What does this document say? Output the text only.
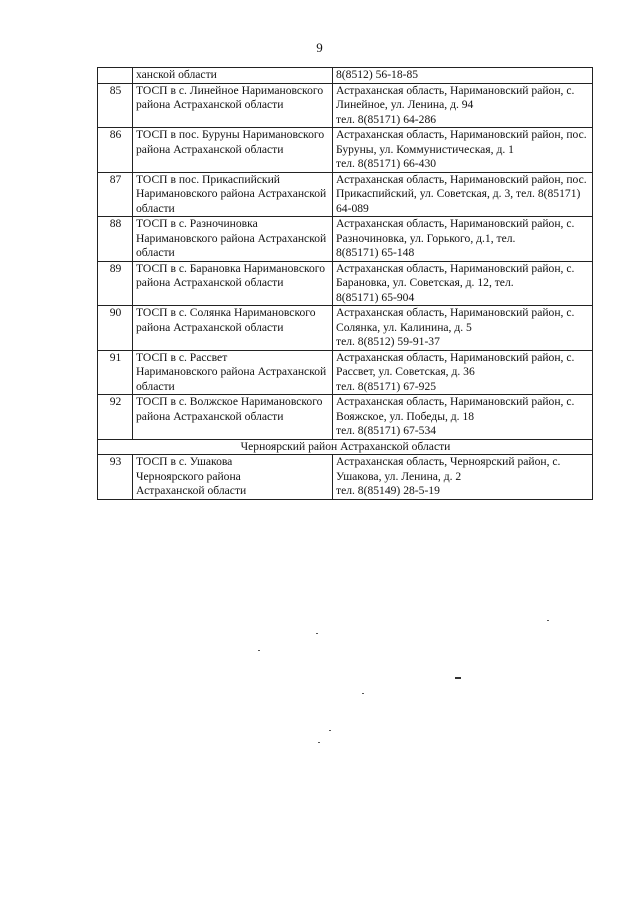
9

	ханской области	8(8512) 56-18-85

85	ТОСП в с. Линейное Наримановского района Астраханской области	Астраханская область, Наримановский район, с. Линейное, ул. Ленина, д. 94
тел. 8(85171) 64-286

86	ТОСП в пос. Буруны Наримановского района Астраханской области	Астраханская область, Наримановский район, пос. Буруны, ул. Коммунистическая, д. 1
тел. 8(85171) 66-430

87	ТОСП в пос. Прикаспийский
Наримановского района Астраханской области	Астраханская область, Наримановский район, пос. Прикаспийский, ул. Советская, д. 3, тел. 8(85171) 64-089

88	ТОСП в с. Разночиновка Наримановского района Астраханской области	Астраханская область, Наримановский район, с. Разночиновка, ул. Горького, д.1, тел.
8(85171) 65-148

89	ТОСП в с. Барановка Наримановского района Астраханской области	Астраханская область, Наримановский район, с. Барановка, ул. Советская, д. 12, тел.
8(85171) 65-904

90	ТОСП в с. Солянка Наримановского района Астраханской области	Астраханская область, Наримановский район, с. Солянка, ул. Калинина, д. 5
тел. 8(8512) 59-91-37

91	ТОСП в с. Рассвет
Наримановского района Астраханской области	Астраханская область, Наримановский район, с. Рассвет, ул. Советская, д. 36
тел. 8(85171) 67-925

92	ТОСП в с. Волжское Наримановского района Астраханской области	Астраханская область, Наримановский район, с. Вояжское, ул. Победы, д. 18
тел. 8(85171) 67-534

Черноярский район Астраханской области		
93	ТОСП в с. Ушакова
Черноярского района
Астраханской области	Астраханская область, Черноярский район, с. Ушакова, ул. Ленина, д. 2
тел. 8(85149) 28-5-19
